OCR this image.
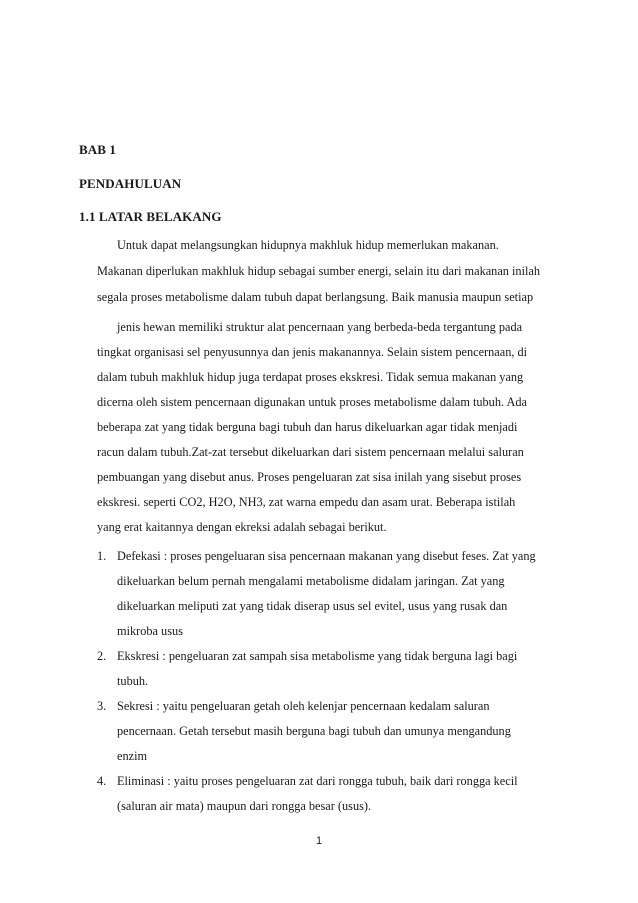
BAB 1
PENDAHULUAN
1.1 LATAR BELAKANG
Untuk dapat melangsungkan hidupnya makhluk hidup memerlukan makanan.
Makanan diperlukan makhluk hidup sebagai sumber energi, selain itu dari makanan inilah
segala proses metabolisme dalam tubuh dapat berlangsung. Baik manusia maupun setiap
jenis hewan memiliki struktur alat pencernaan yang berbeda-beda tergantung pada
tingkat organisasi sel penyusunnya dan jenis makanannya. Selain sistem pencernaan, di
dalam tubuh makhluk hidup juga terdapat proses ekskresi. Tidak semua makanan yang
dicerna oleh sistem pencernaan digunakan untuk proses metabolisme dalam tubuh. Ada
beberapa zat yang tidak berguna bagi tubuh dan harus dikeluarkan agar tidak menjadi
racun dalam tubuh.Zat-zat tersebut dikeluarkan dari sistem pencernaan melalui saluran
pembuangan yang disebut anus. Proses pengeluaran zat sisa inilah yang sisebut proses
ekskresi. seperti CO2, H2O, NH3, zat warna empedu dan asam urat. Beberapa istilah
yang erat kaitannya dengan ekreksi adalah sebagai berikut.
1. Defekasi : proses pengeluaran sisa pencernaan makanan yang disebut feses. Zat yang
dikeluarkan belum pernah mengalami metabolisme didalam jaringan. Zat yang
dikeluarkan meliputi zat yang tidak diserap usus sel evitel, usus yang rusak dan
mikroba usus
2. Ekskresi : pengeluaran zat sampah sisa metabolisme yang tidak berguna lagi bagi
tubuh.
3. Sekresi : yaitu pengeluaran getah oleh kelenjar pencernaan kedalam saluran
pencernaan. Getah tersebut masih berguna bagi tubuh dan umunya mengandung
enzim
4. Eliminasi : yaitu proses pengeluaran zat dari rongga tubuh, baik dari rongga kecil
(saluran air mata) maupun dari rongga besar (usus).
1
